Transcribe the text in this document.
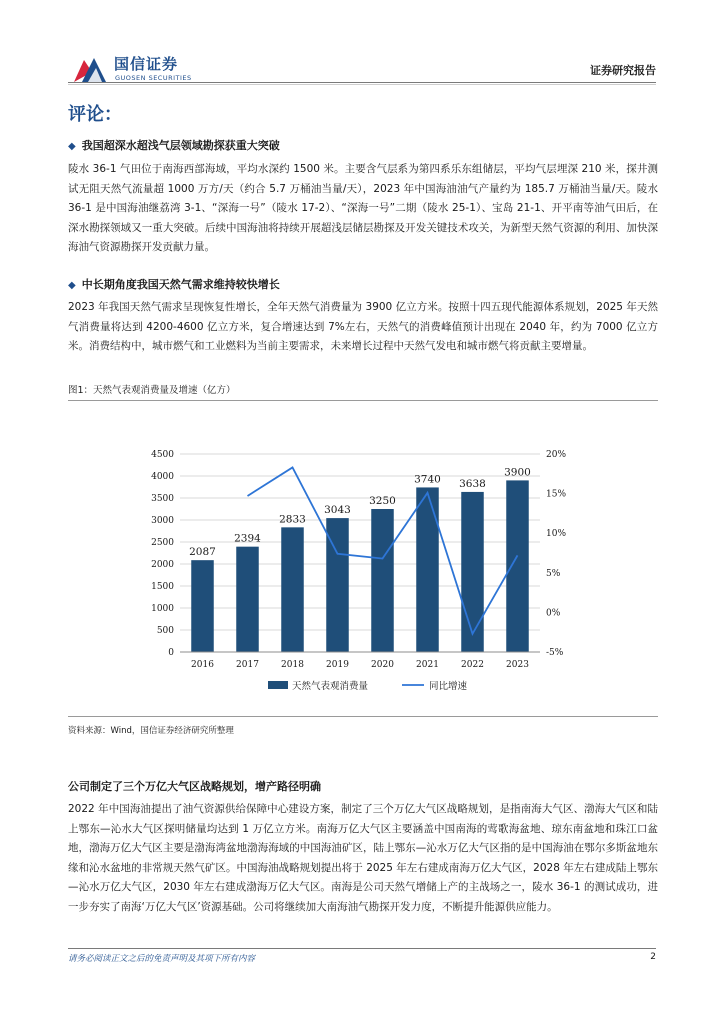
国信证券
GUOSEN SECURITIES
证券研究报告
评论：
◆ 我国超深水超浅气层领域勘探获重大突破
陵水 36-1 气田位于南海西部海域，平均水深约 1500 米。主要含气层系为第四系乐东组储层，平均气层埋深 210 米，探井测试无阻天然气流量超 1000 万方/天（约合 5.7 万桶油当量/天），2023 年中国海油油气产量约为 185.7 万桶油当量/天。陵水 36-1 是中国海油继荔湾 3-1、“深海一号”（陵水 17-2）、“深海一号”二期（陵水 25-1）、宝岛 21-1、开平南等油气田后，在深水勘探领域又一重大突破。后续中国海油将持续开展超浅层储层勘探及开发关键技术攻关，为新型天然气资源的利用、加快深海油气资源勘探开发贡献力量。
◆ 中长期角度我国天然气需求维持较快增长
2023 年我国天然气需求呈现恢复性增长，全年天然气消费量为 3900 亿立方米。按照十四五现代能源体系规划，2025 年天然气消费量将达到 4200-4600 亿立方米，复合增速达到 7%左右，天然气的消费峰值预计出现在 2040 年，约为 7000 亿立方米。消费结构中，城市燃气和工业燃料为当前主要需求，未来增长过程中天然气发电和城市燃气将贡献主要增量。
图1：天然气表观消费量及增速（亿方）
2087
2394
2833
3043
3250
3740 3638
3900
0
500
1000
1500
2000
2500
3000
3500
4000
4500
-5%
0%
5%
10%
15%
20%
2016 2017 2018 2019 2020 2021 2022 2023
天然气表观消费量	同比增速
资料来源：Wind，国信证券经济研究所整理
公司制定了三个万亿大气区战略规划，增产路径明确
2022 年中国海油提出了油气资源供给保障中心建设方案，制定了三个万亿大气区战略规划，是指南海大气区、渤海大气区和陆上鄂东—沁水大气区探明储量均达到 1 万亿立方米。南海万亿大气区主要涵盖中国南海的莺歌海盆地、琼东南盆地和珠江口盆地，渤海万亿大气区主要是渤海湾盆地渤海海域的中国海油矿区，陆上鄂东—沁水万亿大气区指的是中国海油在鄂尔多斯盆地东缘和沁水盆地的非常规天然气矿区。中国海油战略规划提出将于 2025 年左右建成南海万亿大气区，2028 年左右建成陆上鄂东—沁水万亿大气区，2030 年左右建成渤海万亿大气区。南海是公司天然气增储上产的主战场之一，陵水 36-1 的测试成功，进一步夯实了南海‘万亿大气区’资源基础。公司将继续加大南海油气勘探开发力度，不断提升能源供应能力。
请务必阅读正文之后的免责声明及其项下所有内容	2
